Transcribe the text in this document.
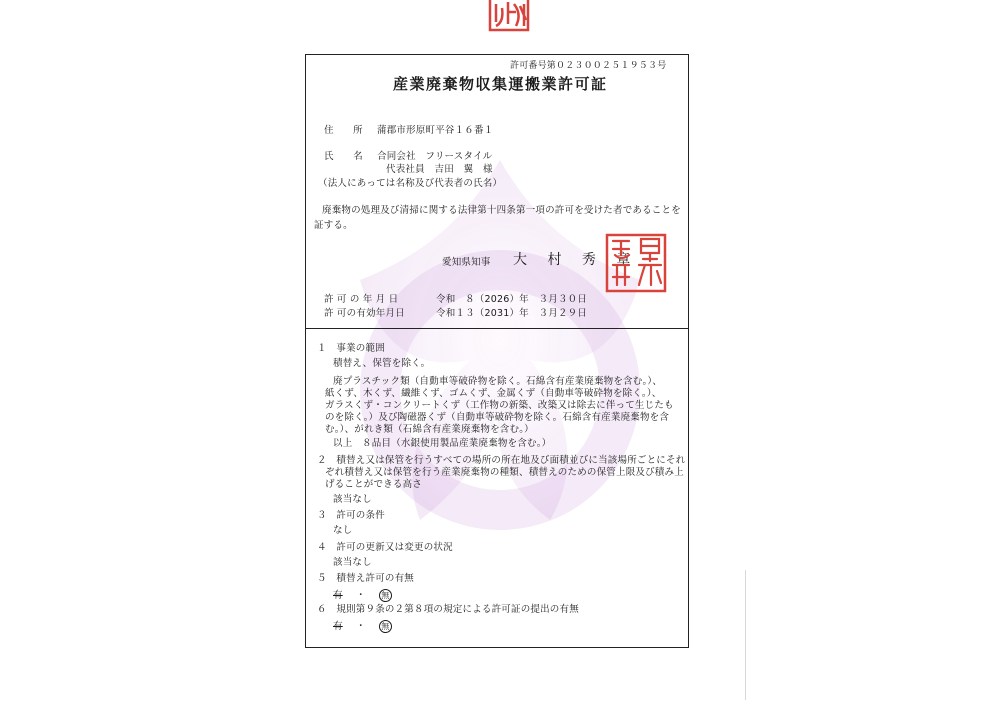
許可番号第０２３００２５１９５３号
産業廃棄物収集運搬業許可証
住　　所 蒲郡市形原町平谷１６番１
氏　　名 合同会社　フリースタイル
代表社員　吉田　翼　様
（法人にあっては名称及び代表者の氏名）
廃棄物の処理及び清掃に関する法律第十四条第一項の許可を受けた者であることを
証する。
愛知県知事 大 村 秀 章
許 可 の 年 月 日	令和　８（2026）年　３月３０日
許 可の有効年月日	令和１３（2031）年　３月２９日
１　事業の範囲
積替え、保管を除く。
廃プラスチック類（自動車等破砕物を除く。石綿含有産業廃棄物を含む。）、
紙くず、木くず、繊維くず、ゴムくず、金属くず（自動車等破砕物を除く。）、
ガラスくず・コンクリートくず（工作物の新築、改築又は除去に伴って生じたも
のを除く。）及び陶磁器くず（自動車等破砕物を除く。石綿含有産業廃棄物を含
む。）、がれき類（石綿含有産業廃棄物を含む。）
以上　８品目（水銀使用製品産業廃棄物を含む。）
２　積替え又は保管を行うすべての場所の所在地及び面積並びに当該場所ごとにそれ
ぞれ積替え又は保管を行う産業廃棄物の種類、積替えのための保管上限及び積み上
げることができる高さ
該当なし
３　許可の条件
なし
４　許可の更新又は変更の状況
該当なし
５　積替え許可の有無
有 ・ 無
６　規則第９条の２第８項の規定による許可証の提出の有無
有 ・ 無
